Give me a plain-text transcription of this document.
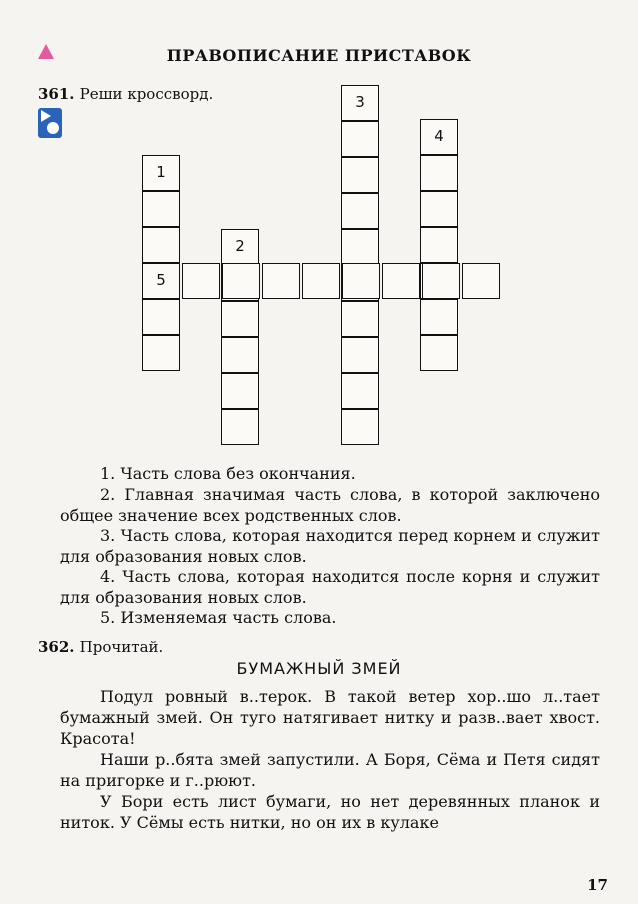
ПРАВОПИСАНИЕ ПРИСТАВОК
361. Реши кроссворд.
1
5
2
3
4
1. Часть слова без окончания.
2. Главная значимая часть слова, в которой заключено общее значение всех родственных слов.
3. Часть слова, которая находится перед корнем и служит для образования новых слов.
4. Часть слова, которая находится после корня и служит для образования новых слов.
5. Изменяемая часть слова.
362. Прочитай.
БУМАЖНЫЙ ЗМЕЙ
Подул ровный в..терок. В такой ветер хор..шо л..тает бумажный змей. Он туго натягивает нитку и разв..вает хвост. Красота!
Наши р..бята змей запустили. А Боря, Сёма и Петя сидят на пригорке и г..рюют.
У Бори есть лист бумаги, но нет деревянных планок и ниток. У Сёмы есть нитки, но он их в кулаке
17
